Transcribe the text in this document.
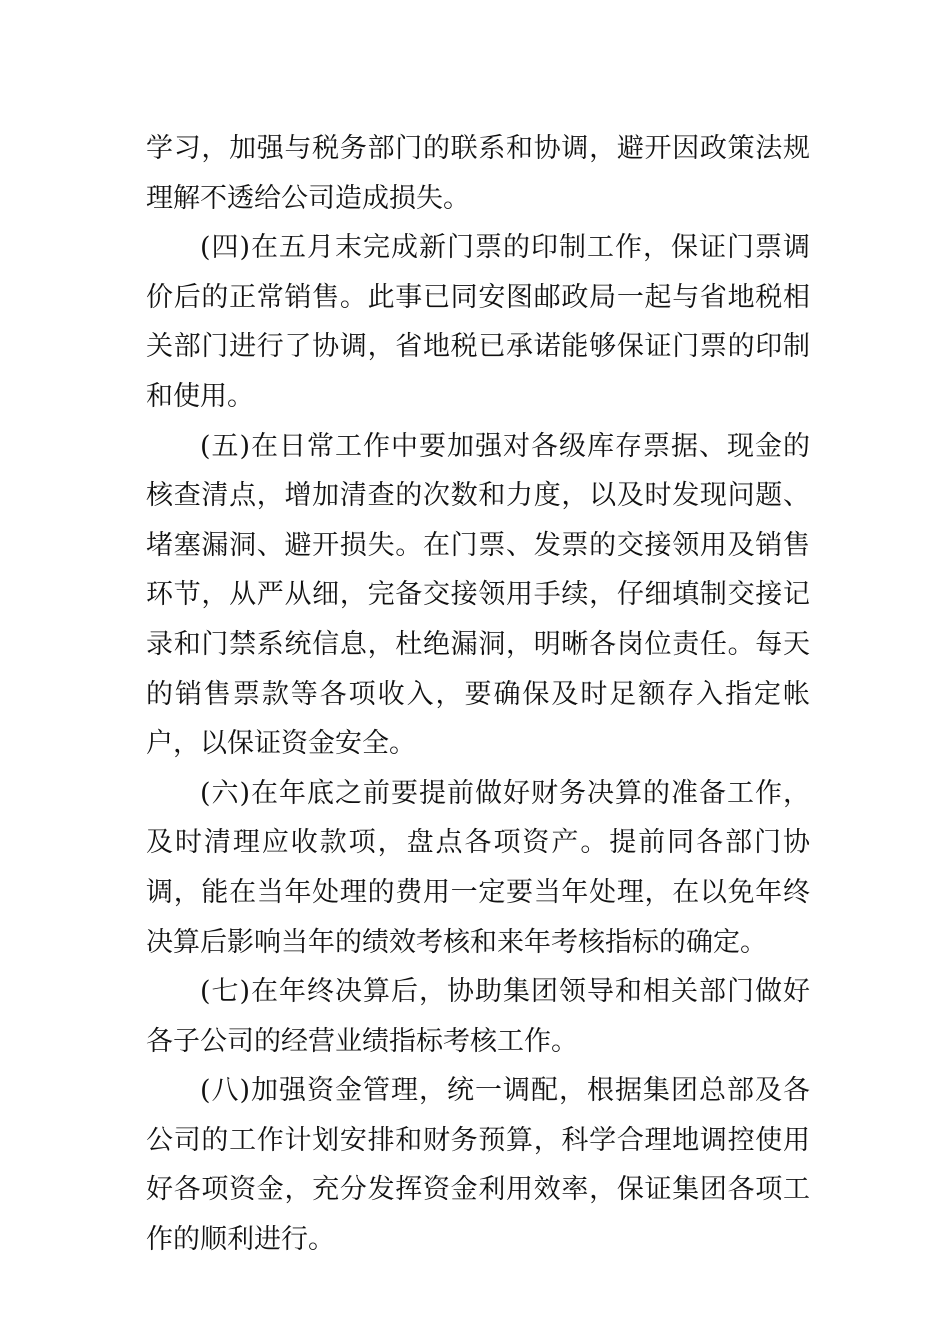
学习，加强与税务部门的联系和协调，避开因政策法规理解不透给公司造成损失。

(四)在五月末完成新门票的印制工作，保证门票调价后的正常销售。此事已同安图邮政局一起与省地税相关部门进行了协调，省地税已承诺能够保证门票的印制和使用。

(五)在日常工作中要加强对各级库存票据、现金的核查清点，增加清查的次数和力度，以及时发现问题、堵塞漏洞、避开损失。在门票、发票的交接领用及销售环节，从严从细，完备交接领用手续，仔细填制交接记录和门禁系统信息，杜绝漏洞，明晰各岗位责任。每天的销售票款等各项收入，要确保及时足额存入指定帐户，以保证资金安全。

(六)在年底之前要提前做好财务决算的准备工作，及时清理应收款项，盘点各项资产。提前同各部门协调，能在当年处理的费用一定要当年处理，在以免年终决算后影响当年的绩效考核和来年考核指标的确定。

(七)在年终决算后，协助集团领导和相关部门做好各子公司的经营业绩指标考核工作。

(八)加强资金管理，统一调配，根据集团总部及各公司的工作计划安排和财务预算，科学合理地调控使用好各项资金，充分发挥资金利用效率，保证集团各项工作的顺利进行。
